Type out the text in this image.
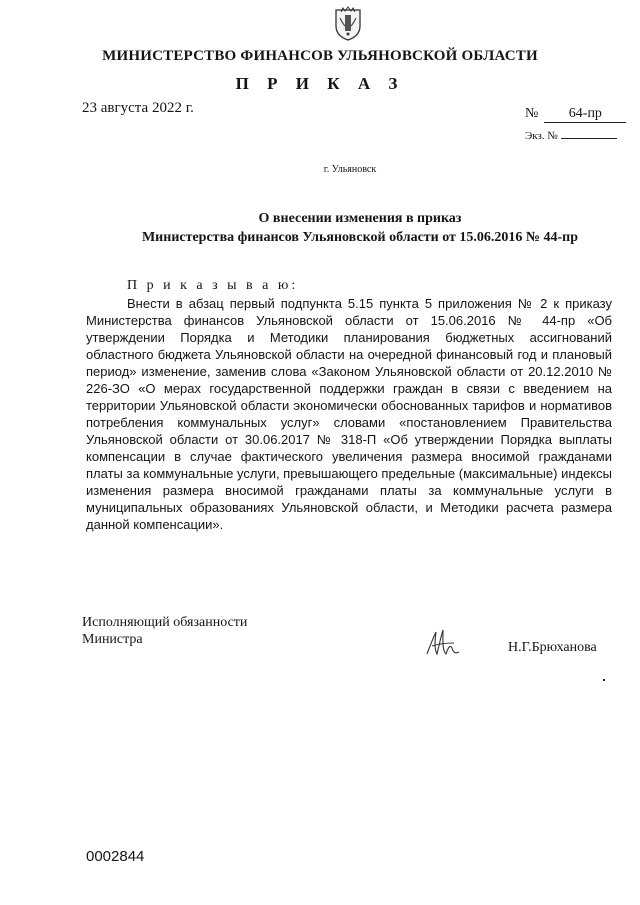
МИНИСТЕРСТВО ФИНАНСОВ УЛЬЯНОВСКОЙ ОБЛАСТИ
П Р И К А З
23 августа 2022 г.	№ 64-пр
Экз. №
г. Ульяновск
О внесении изменения в приказ
Министерства финансов Ульяновской области от 15.06.2016 № 44-пр
П р и к а з ы в а ю:
Внести в абзац первый подпункта 5.15 пункта 5 приложения № 2 к приказу Министерства финансов Ульяновской области от 15.06.2016 № 44-пр «Об утверждении Порядка и Методики планирования бюджетных ассигнований областного бюджета Ульяновской области на очередной финансовый год и плановый период» изменение, заменив слова «Законом Ульяновской области от 20.12.2010 № 226-ЗО «О мерах государственной поддержки граждан в связи с введением на территории Ульяновской области экономически обоснованных тарифов и нормативов потребления коммунальных услуг» словами «постановлением Правительства Ульяновской области от 30.06.2017 № 318-П «Об утверждении Порядка выплаты компенсации в случае фактического увеличения размера вносимой гражданами платы за коммунальные услуги, превышающего предельные (максимальные) индексы изменения размера вносимой гражданами платы за коммунальные услуги в муниципальных образованиях Ульяновской области, и Методики расчета размера данной компенсации».
Исполняющий обязанности
Министра
Н.Г.Брюханова
0002844
